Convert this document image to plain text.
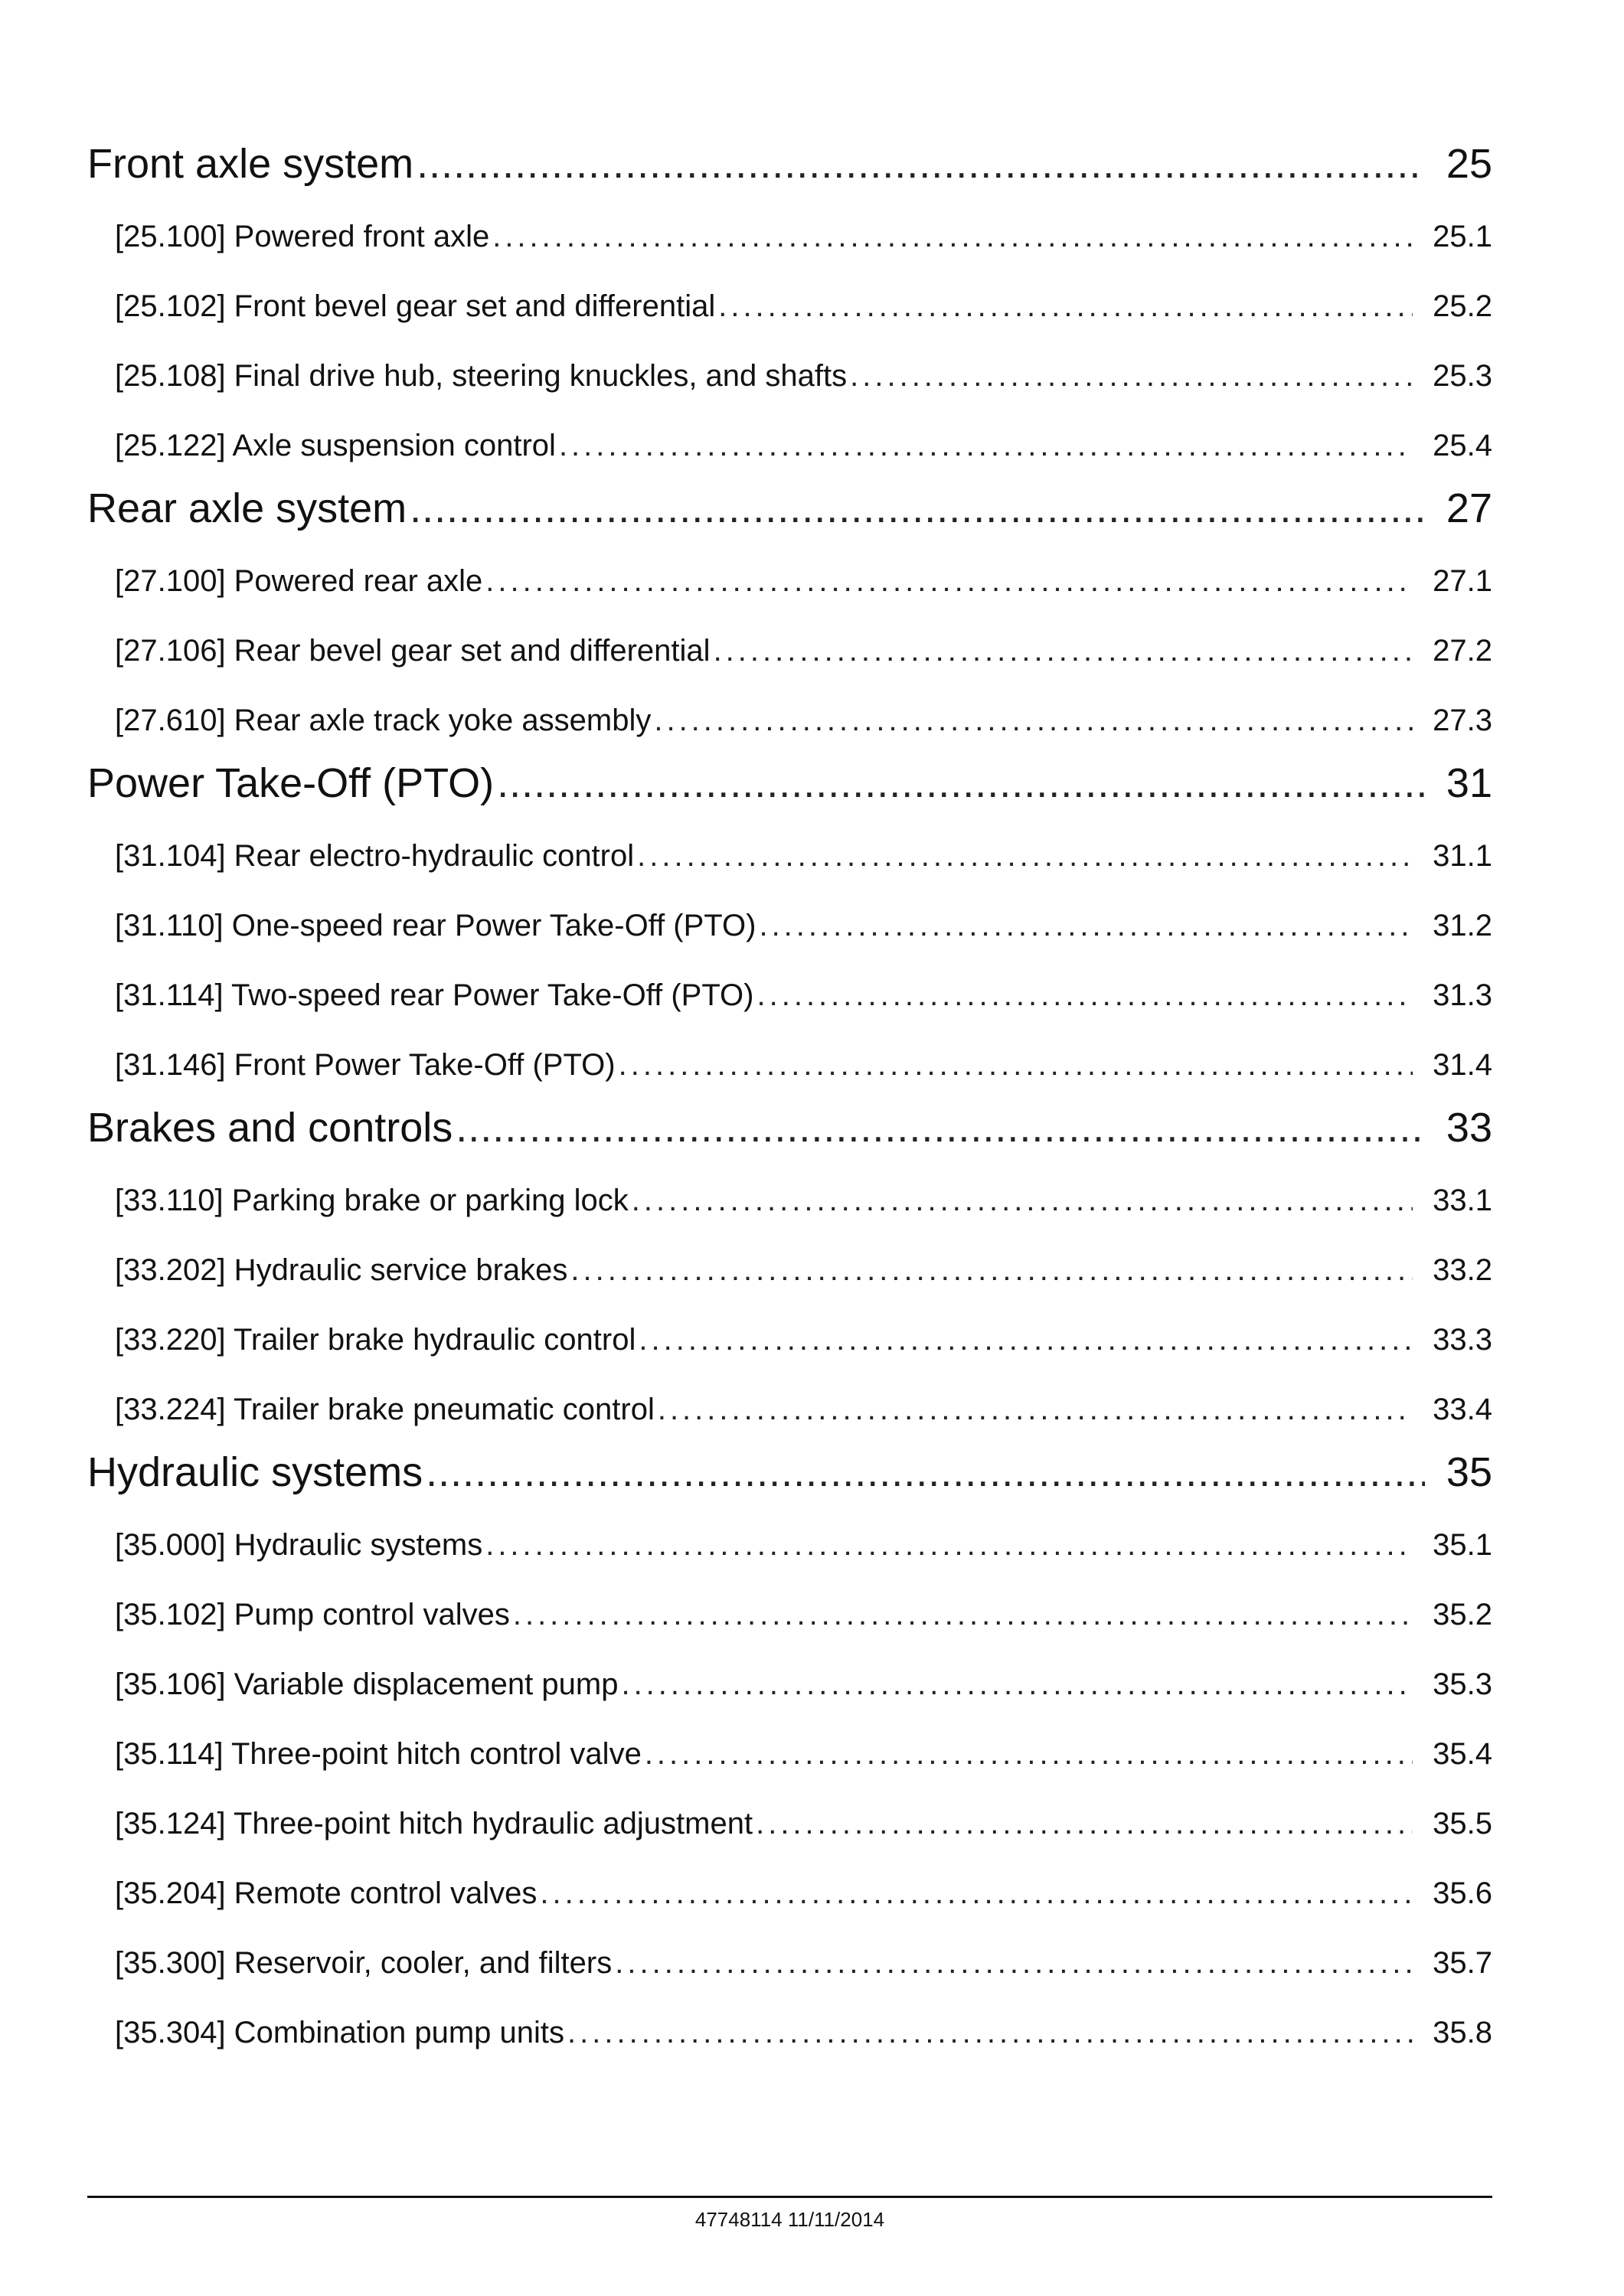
Front axle system .....	25
[25.100] Powered front axle .....	25.1
[25.102] Front bevel gear set and differential .....	25.2
[25.108] Final drive hub, steering knuckles, and shafts .....	25.3
[25.122] Axle suspension control .....	25.4
Rear axle system .....	27
[27.100] Powered rear axle .....	27.1
[27.106] Rear bevel gear set and differential .....	27.2
[27.610] Rear axle track yoke assembly .....	27.3
Power Take-Off (PTO) .....	31
[31.104] Rear electro-hydraulic control .....	31.1
[31.110] One-speed rear Power Take-Off (PTO) .....	31.2
[31.114] Two-speed rear Power Take-Off (PTO) .....	31.3
[31.146] Front Power Take-Off (PTO) .....	31.4
Brakes and controls .....	33
[33.110] Parking brake or parking lock .....	33.1
[33.202] Hydraulic service brakes .....	33.2
[33.220] Trailer brake hydraulic control .....	33.3
[33.224] Trailer brake pneumatic control .....	33.4
Hydraulic systems .....	35
[35.000] Hydraulic systems .....	35.1
[35.102] Pump control valves .....	35.2
[35.106] Variable displacement pump .....	35.3
[35.114] Three-point hitch control valve .....	35.4
[35.124] Three-point hitch hydraulic adjustment .....	35.5
[35.204] Remote control valves .....	35.6
[35.300] Reservoir, cooler, and filters .....	35.7
[35.304] Combination pump units .....	35.8
47748114 11/11/2014
